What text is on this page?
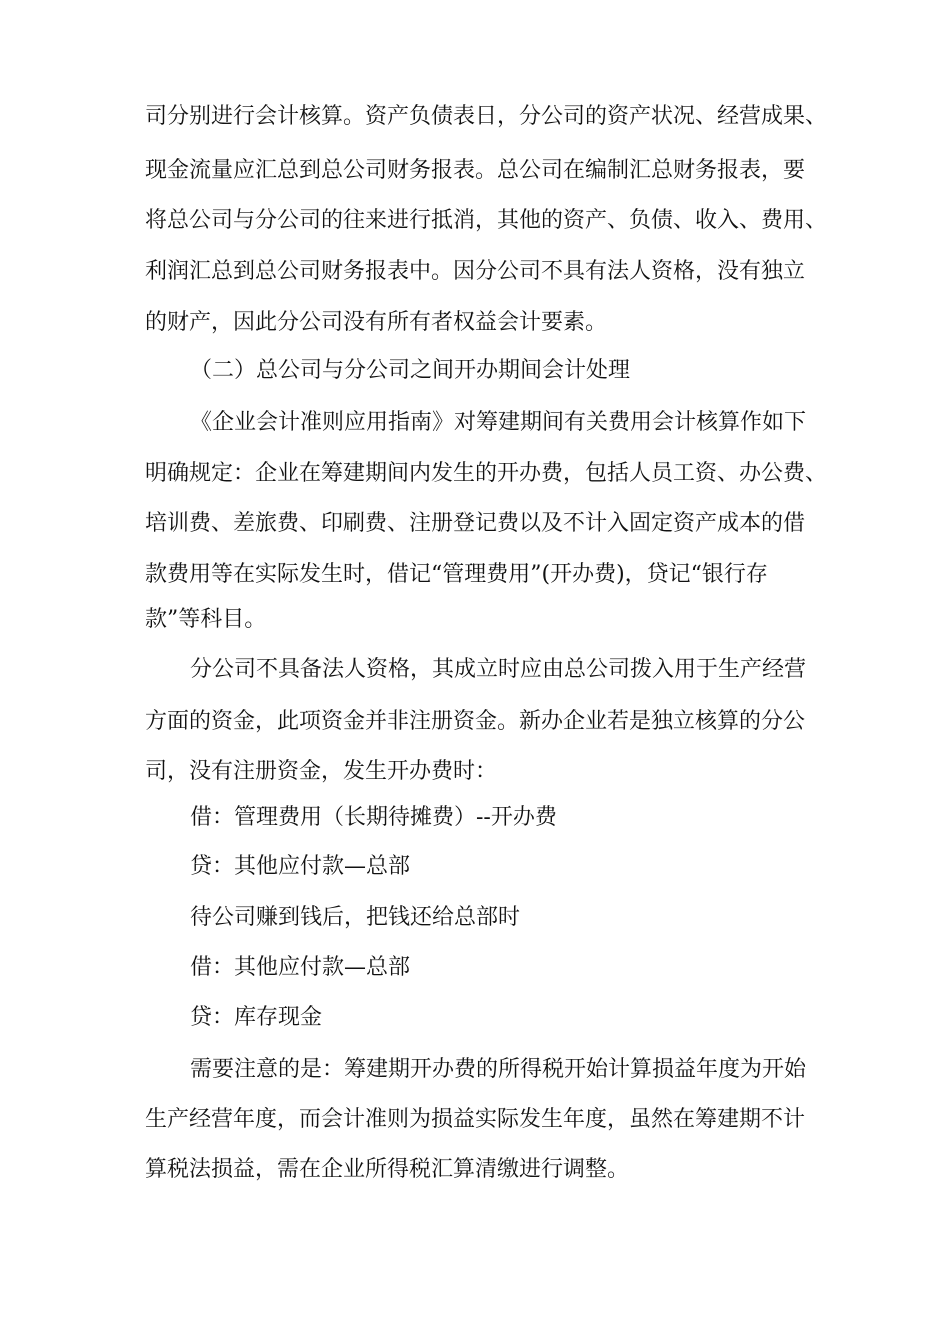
司分别进行会计核算。资产负债表日，分公司的资产状况、经营成果、
现金流量应汇总到总公司财务报表。总公司在编制汇总财务报表，要
将总公司与分公司的往来进行抵消，其他的资产、负债、收入、费用、
利润汇总到总公司财务报表中。因分公司不具有法人资格，没有独立
的财产，因此分公司没有所有者权益会计要素。
（二）总公司与分公司之间开办期间会计处理
《企业会计准则应用指南》对筹建期间有关费用会计核算作如下
明确规定：企业在筹建期间内发生的开办费，包括人员工资、办公费、
培训费、差旅费、印刷费、注册登记费以及不计入固定资产成本的借
款费用等在实际发生时，借记“管理费用”(开办费)，贷记“银行存
款”等科目。
分公司不具备法人资格，其成立时应由总公司拨入用于生产经营
方面的资金，此项资金并非注册资金。新办企业若是独立核算的分公
司，没有注册资金，发生开办费时：
借：管理费用（长期待摊费）--开办费
贷：其他应付款—总部
待公司赚到钱后，把钱还给总部时
借：其他应付款—总部
贷：库存现金
需要注意的是：筹建期开办费的所得税开始计算损益年度为开始
生产经营年度，而会计准则为损益实际发生年度，虽然在筹建期不计
算税法损益，需在企业所得税汇算清缴进行调整。
